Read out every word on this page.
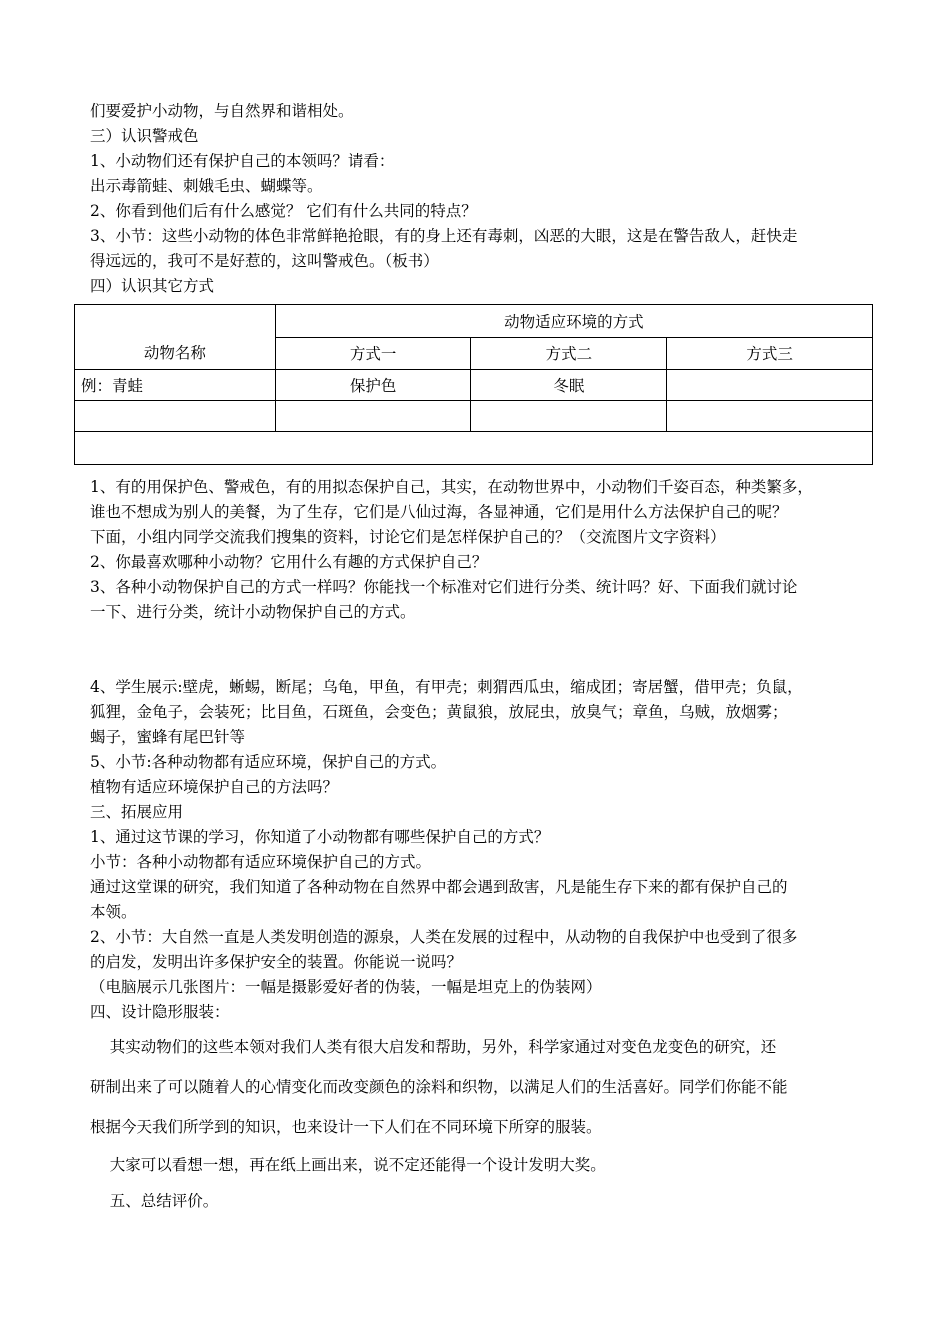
们要爱护小动物，与自然界和谐相处。
三）认识警戒色
1、小动物们还有保护自己的本领吗？请看：
出示毒箭蛙、刺娥毛虫、蝴蝶等。
2、你看到他们后有什么感觉？ 它们有什么共同的特点？
3、小节：这些小动物的体色非常鲜艳抢眼，有的身上还有毒刺，凶恶的大眼，这是在警告敌人，赶快走
得远远的，我可不是好惹的，这叫警戒色。（板书）
四）认识其它方式
动物名称	动物适应环境的方式		
	方式一	方式二	方式三
例：青蛙	保护色	冬眠	

1、有的用保护色、警戒色，有的用拟态保护自己，其实，在动物世界中，小动物们千姿百态，种类繁多，
谁也不想成为别人的美餐，为了生存，它们是八仙过海，各显神通，它们是用什么方法保护自己的呢？
下面，小组内同学交流我们搜集的资料，讨论它们是怎样保护自己的？（交流图片文字资料）
2、你最喜欢哪种小动物？它用什么有趣的方式保护自己？
3、各种小动物保护自己的方式一样吗？你能找一个标准对它们进行分类、统计吗？好、下面我们就讨论
一下、进行分类，统计小动物保护自己的方式。
4、学生展示:壁虎，蜥蜴，断尾；乌龟，甲鱼，有甲壳；刺猬西瓜虫，缩成团；寄居蟹，借甲壳；负鼠，
狐狸，金龟子，会装死；比目鱼，石斑鱼，会变色；黄鼠狼，放屁虫，放臭气；章鱼，乌贼，放烟雾；
蝎子，蜜蜂有尾巴针等
5、小节:各种动物都有适应环境，保护自己的方式。
植物有适应环境保护自己的方法吗？
三、拓展应用
1、通过这节课的学习，你知道了小动物都有哪些保护自己的方式？
小节：各种小动物都有适应环境保护自己的方式。
通过这堂课的研究，我们知道了各种动物在自然界中都会遇到敌害，凡是能生存下来的都有保护自己的
本领。
2、小节：大自然一直是人类发明创造的源泉，人类在发展的过程中，从动物的自我保护中也受到了很多
的启发，发明出许多保护安全的装置。你能说一说吗？
（电脑展示几张图片：一幅是摄影爱好者的伪装，一幅是坦克上的伪装网）
四、设计隐形服装：
其实动物们的这些本领对我们人类有很大启发和帮助，另外，科学家通过对变色龙变色的研究，还
研制出来了可以随着人的心情变化而改变颜色的涂料和织物，以满足人们的生活喜好。同学们你能不能
根据今天我们所学到的知识，也来设计一下人们在不同环境下所穿的服装。
大家可以看想一想，再在纸上画出来，说不定还能得一个设计发明大奖。
五、总结评价。
